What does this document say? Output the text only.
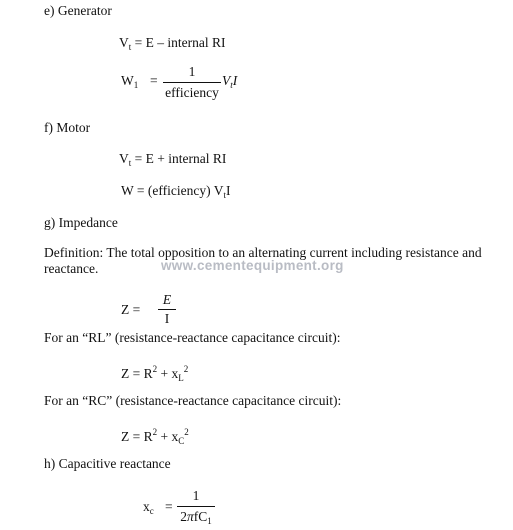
e) Generator
$V_t = E$ – internal RI
$W_1$ =
1
efficiency
$V_tI$
f) Motor
$V_t = E$ + internal RI
W = (efficiency) $V_tI$
g) Impedance
Definition: The total opposition to an alternating current including resistance and
reactance.	www.cementequipment.org
Z =
E
I
For an “RL” (resistance-reactance capacitance circuit):
$Z = R^2 + x_L^2$
For an “RC” (resistance-reactance capacitance circuit):
$Z = R^2 + x_C^2$
h) Capacitive reactance
$x_c$ =
1
2πfC$_1$
